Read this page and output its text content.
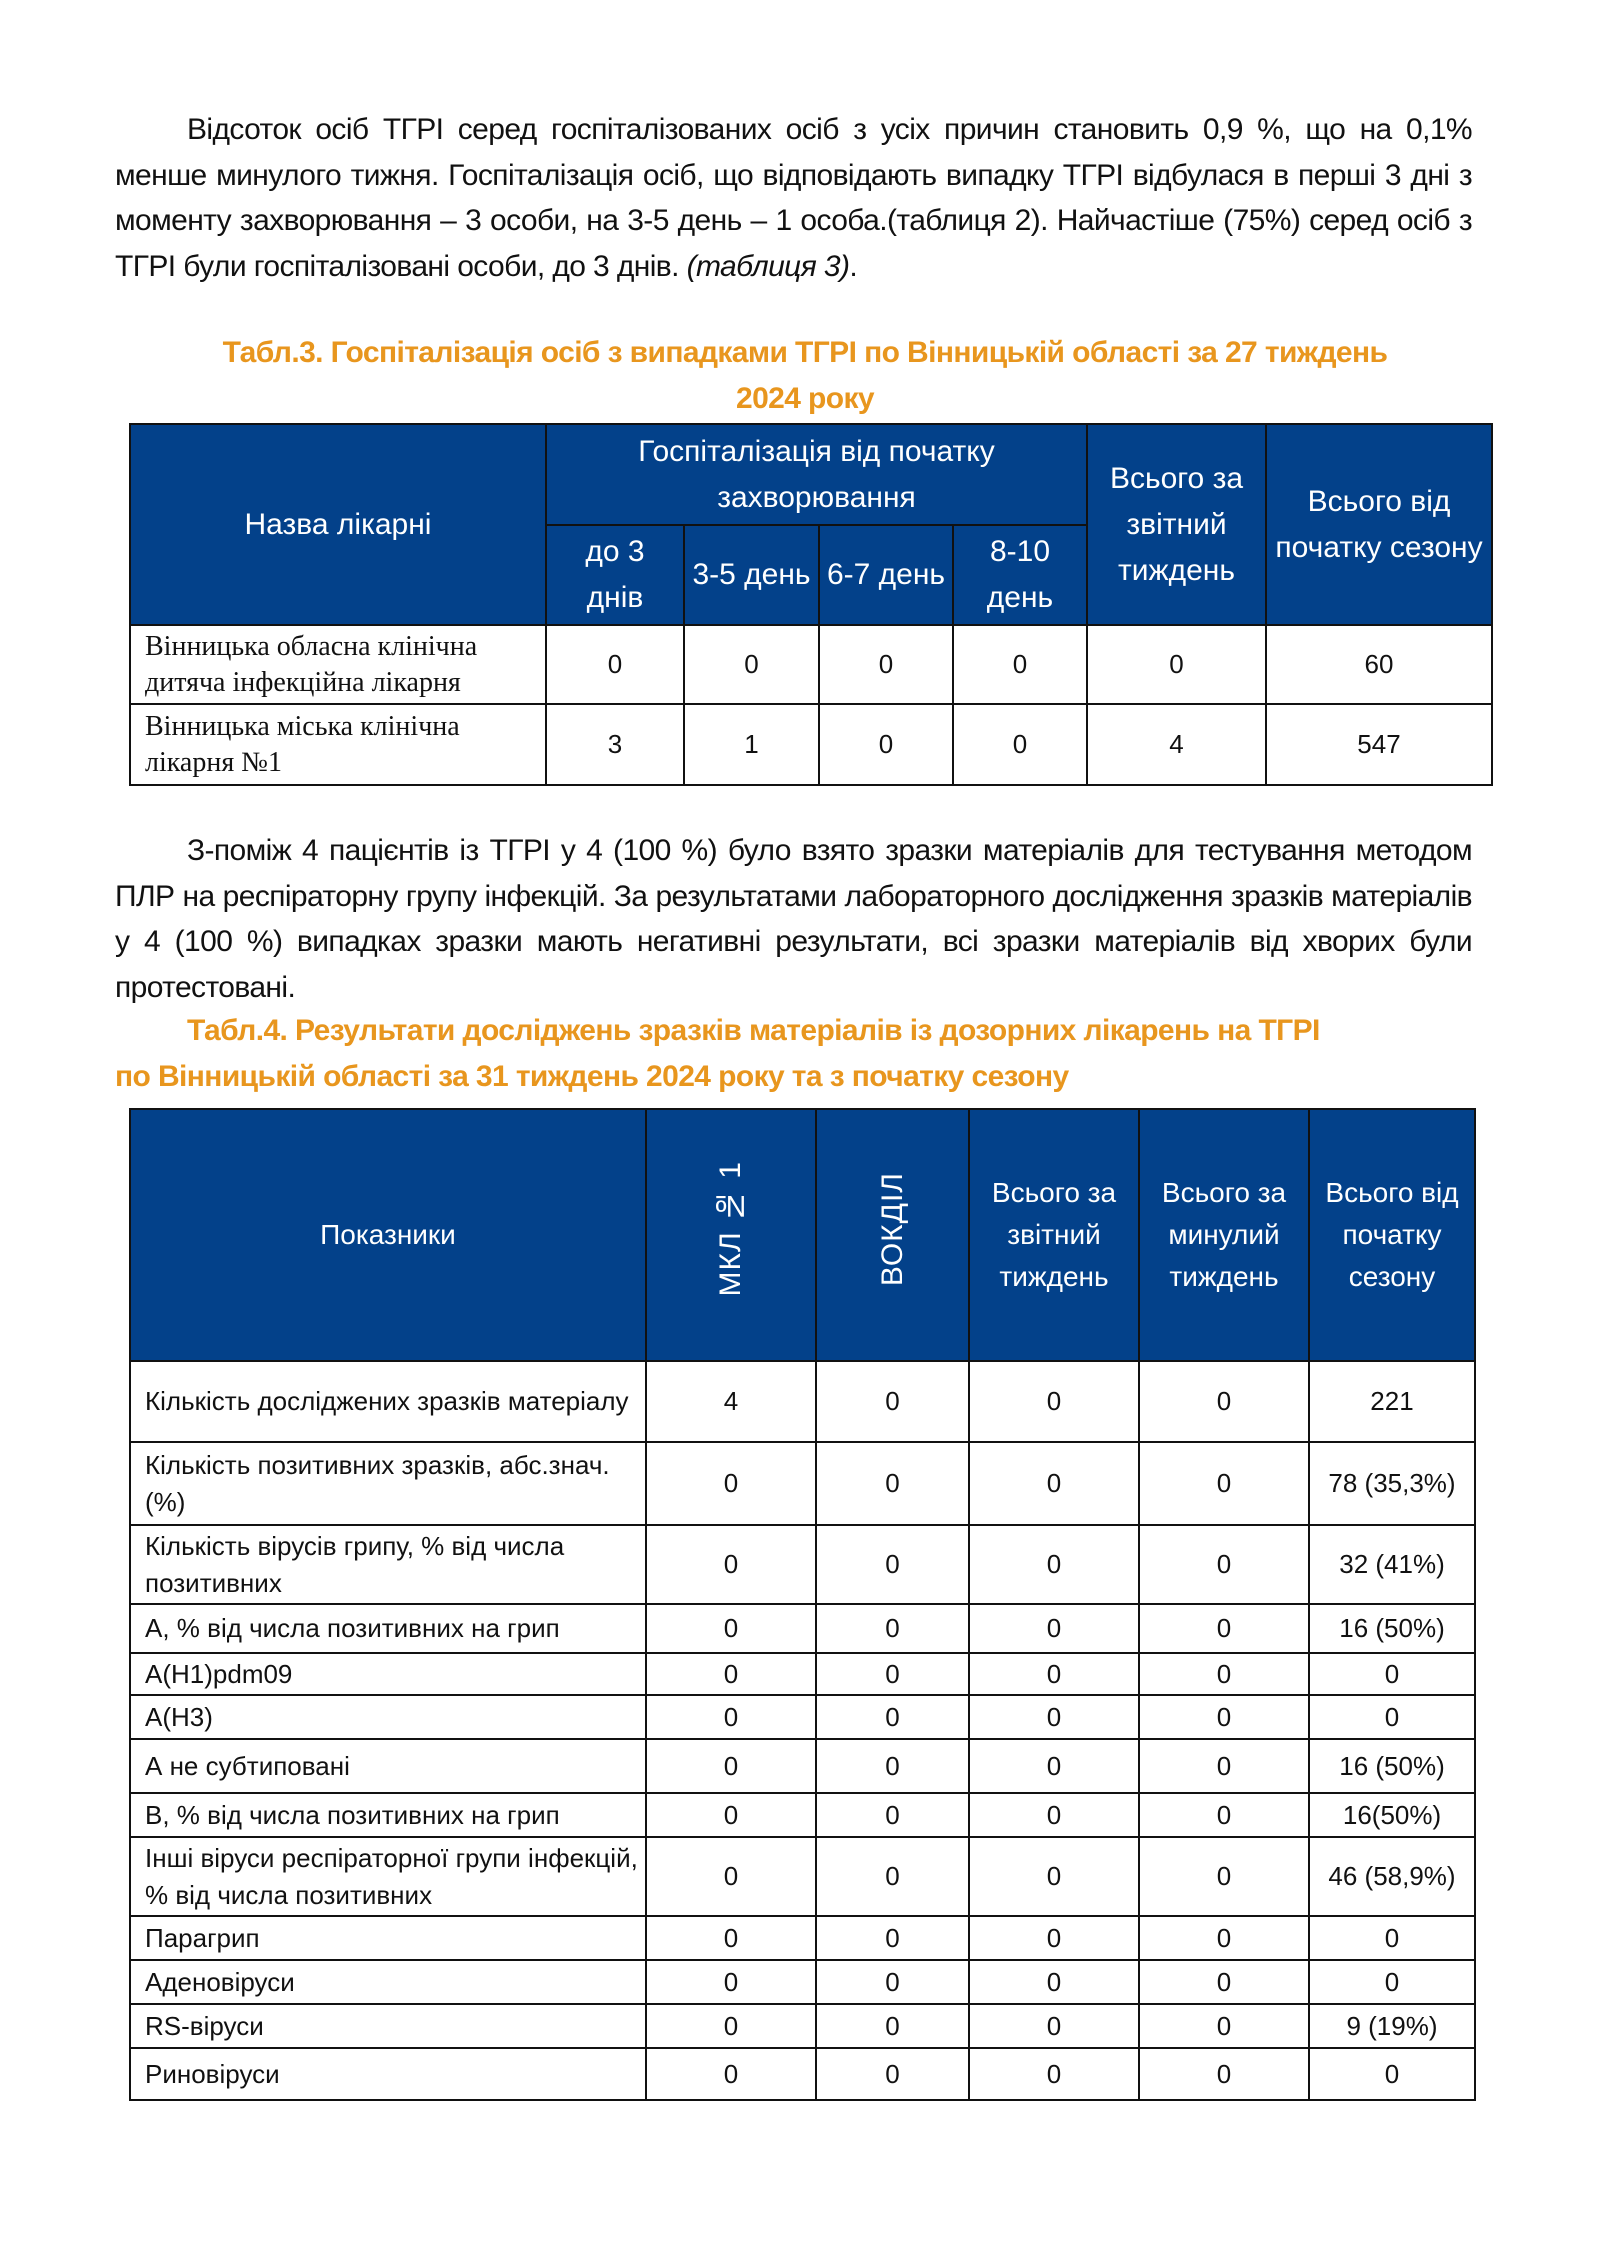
Відсоток осіб ТГРІ серед госпіталізованих осіб з усіх причин становить 0,9 %, що на 0,1% менше минулого тижня. Госпіталізація осіб, що відповідають випадку ТГРІ відбулася в перші 3 дні з моменту захворювання – 3 особи, на 3-5 день – 1 особа.(таблиця 2). Найчастіше (75%) серед осіб з ТГРІ були госпіталізовані особи, до 3 днів. (таблиця 3).
Табл.3. Госпіталізація осіб з випадками ТГРІ по Вінницькій області за 27 тиждень
2024 року
Назва лікарні	Госпіталізація від початку захворювання				Всього за звітний тиждень	Всього від початку сезону
	до 3 днів	3-5 день	6-7 день	8-10 день		
Вінницька обласна клінічна дитяча інфекційна лікарня	0	0	0	0	0	60
Вінницька міська клінічна лікарня №1	3	1	0	0	4	547
З-поміж 4 пацієнтів із ТГРІ у 4 (100 %) було взято зразки матеріалів для тестування методом ПЛР на респіраторну групу інфекцій. За результатами лабораторного дослідження зразків матеріалів у 4 (100 %) випадках зразки мають негативні результати, всі зразки матеріалів від хворих були протестовані.
Табл.4. Результати досліджень зразків матеріалів із дозорних лікарень на ТГРІ
по Вінницькій області за 31 тиждень 2024 року та з початку сезону
Показники	МКЛ № 1	ВОКДІЛ	Всього за звітний тиждень	Всього за минулий тиждень	Всього від початку сезону
Кількість досліджених зразків матеріалу	4	0	0	0	221
Кількість позитивних зразків, абс.знач. (%)	0	0	0	0	78 (35,3%)
Кількість вірусів грипу, % від числа позитивних	0	0	0	0	32 (41%)
А, % від числа позитивних на грип	0	0	0	0	16 (50%)
А(Н1)pdm09	0	0	0	0	0
А(Н3)	0	0	0	0	0
А не субтиповані	0	0	0	0	16 (50%)
В, % від числа позитивних на грип	0	0	0	0	16(50%)
Інші віруси респіраторної групи інфекцій, % від числа позитивних	0	0	0	0	46 (58,9%)
Парагрип	0	0	0	0	0
Аденовіруси	0	0	0	0	0
RS-віруси	0	0	0	0	9 (19%)
Риновіруси	0	0	0	0	0
